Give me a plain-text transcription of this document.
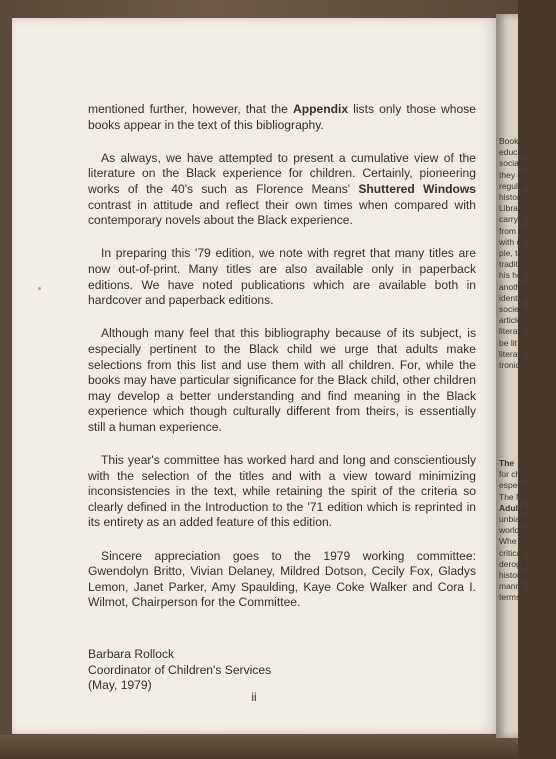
mentioned further, however, that the Appendix lists only those whose books appear in the text of this bibliography.

As always, we have attempted to present a cumulative view of the literature on the Black experience for children. Certainly, pioneering works of the 40's such as Florence Means' Shuttered Windows contrast in attitude and reflect their own times when compared with contemporary novels about the Black experience.

In preparing this '79 edition, we note with regret that many titles are now out-of-print. Many titles are also available only in paperback editions. We have noted publications which are available both in hardcover and paperback editions.

Although many feel that this bibliography because of its subject, is especially pertinent to the Black child we urge that adults make selections from this list and use them with all children. For, while the books may have particular significance for the Black child, other children may develop a better understanding and find meaning in the Black experience which though culturally different from theirs, is essentially still a human experience.

This year's committee has worked hard and long and conscientiously with the selection of the titles and with a view toward minimizing inconsistencies in the text, while retaining the spirit of the criteria so clearly defined in the Introduction to the '71 edition which is reprinted in its entirety as an added feature of this edition.

Sincere appreciation goes to the 1979 working committee: Gwendolyn Britto, Vivian Delaney, Mildred Dotson, Cecily Fox, Gladys Lemon, Janet Parker, Amy Spaulding, Kaye Coke Walker and Cora I. Wilmot, Chairperson for the Committee.

Barbara Rollock
Coordinator of Children's Services
(May, 1979)
ii
Book
educat
social
they re
regular
history
Library
carry t
from th
with ot
ple, to
traditic
his her
anothe
identity
society
article
literatu
be lit
literatu
tronic
The
for chi
especia
The Ne
Adults.
unbiase
world.
Whe
critical
deroga
historic
manne
terms
